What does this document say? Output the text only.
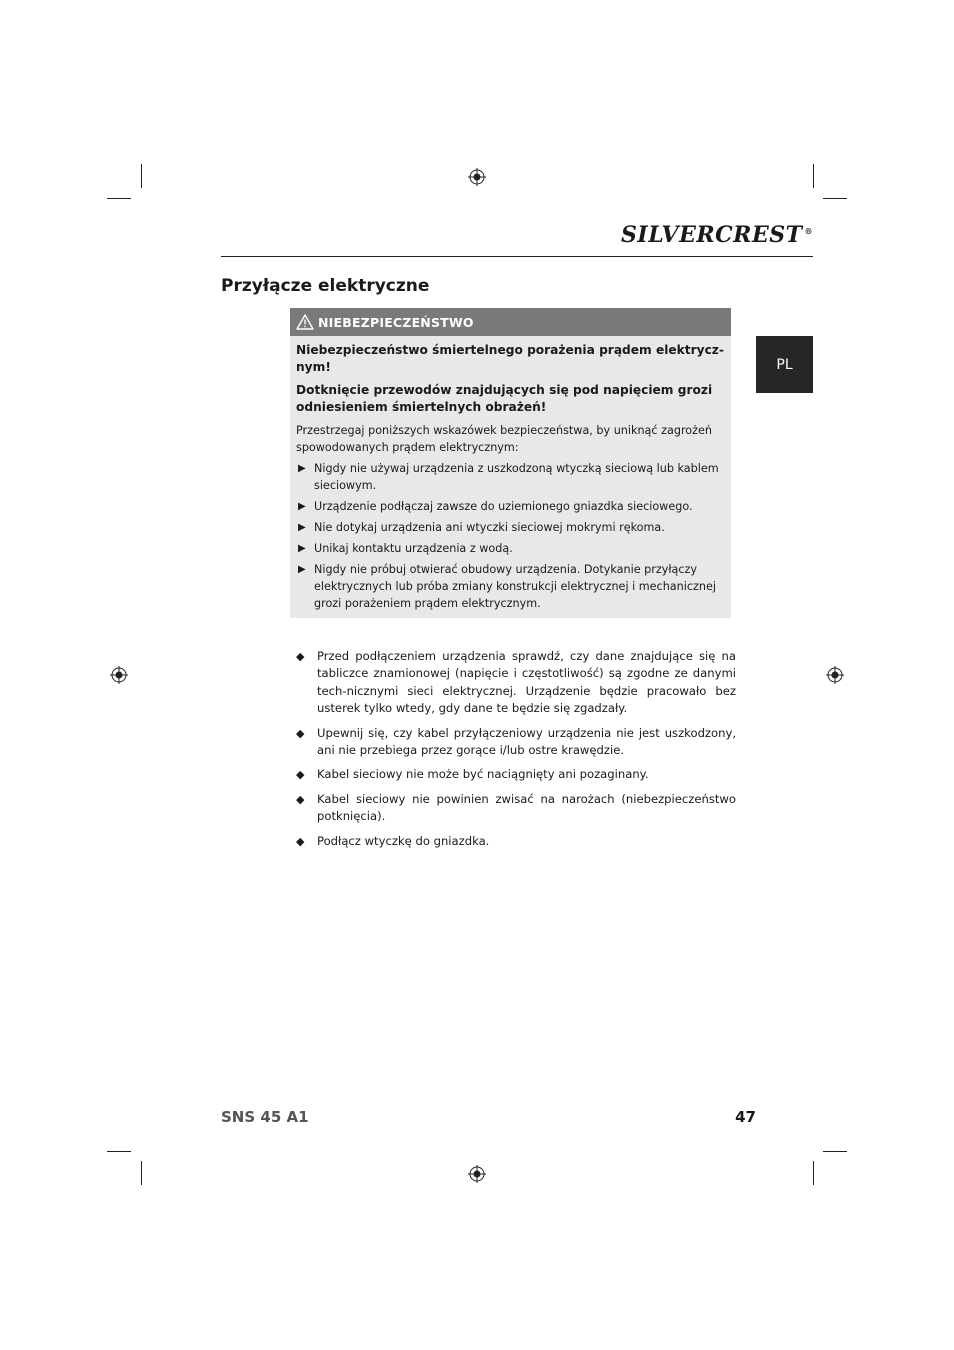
SILVERCREST ®
Przyłącze elektryczne
PL
NIEBEZPIECZEŃSTWO
Niebezpieczeństwo śmiertelnego porażenia prądem elektrycz-nym!
Dotknięcie przewodów znajdujących się pod napięciem grozi odniesieniem śmiertelnych obrażeń!
Przestrzegaj poniższych wskazówek bezpieczeństwa, by uniknąć zagrożeń spowodowanych prądem elektrycznym:
▶ Nigdy nie używaj urządzenia z uszkodzoną wtyczką sieciową lub kablem sieciowym.
▶ Urządzenie podłączaj zawsze do uziemionego gniazdka sieciowego.
▶ Nie dotykaj urządzenia ani wtyczki sieciowej mokrymi rękoma.
▶ Unikaj kontaktu urządzenia z wodą.
▶ Nigdy nie próbuj otwierać obudowy urządzenia. Dotykanie przyłączy elektrycznych lub próba zmiany konstrukcji elektrycznej i mechanicznej grozi porażeniem prądem elektrycznym.
◆ Przed podłączeniem urządzenia sprawdź, czy dane znajdujące się na tabliczce znamionowej (napięcie i częstotliwość) są zgodne ze danymi tech-nicznymi sieci elektrycznej. Urządzenie będzie pracowało bez usterek tylko wtedy, gdy dane te będzie się zgadzały.
◆ Upewnij się, czy kabel przyłączeniowy urządzenia nie jest uszkodzony, ani nie przebiega przez gorące i/lub ostre krawędzie.
◆ Kabel sieciowy nie może być naciągnięty ani pozaginany.
◆ Kabel sieciowy nie powinien zwisać na narożach (niebezpieczeństwo potknięcia).
◆ Podłącz wtyczkę do gniazdka.
SNS 45 A1	47
